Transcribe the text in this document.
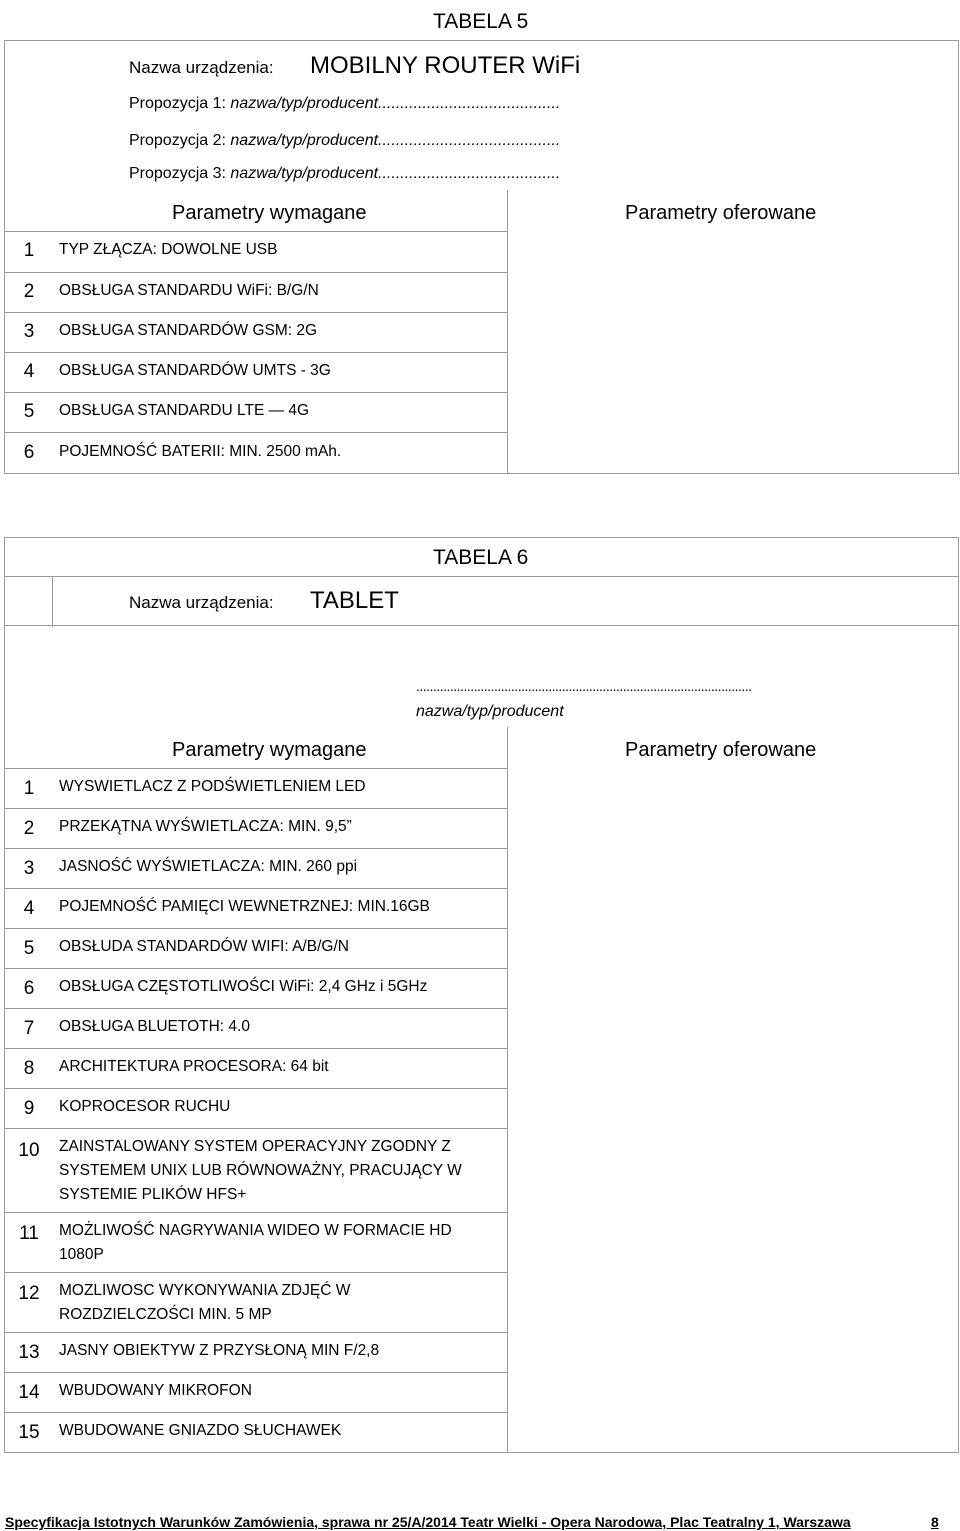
TABELA 5
Nazwa urządzenia: MOBILNY ROUTER WiFi
Propozycja 1: nazwa/typ/producent.........................................
Propozycja 2: nazwa/typ/producent.........................................
Propozycja 3: nazwa/typ/producent.........................................
Parametry wymagane	Parametry oferowane
1	TYP ZŁĄCZA: DOWOLNE USB
2	OBSŁUGA STANDARDU WiFi: B/G/N
3	OBSŁUGA STANDARDÓW GSM: 2G
4	OBSŁUGA STANDARDÓW UMTS - 3G
5	OBSŁUGA STANDARDU LTE — 4G
6	POJEMNOŚĆ BATERII: MIN. 2500 mAh.
TABELA 6
Nazwa urządzenia: TABLET
...................................................................................................
nazwa/typ/producent
Parametry wymagane	Parametry oferowane
1	WYSWIETLACZ Z PODŚWIETLENIEM LED
2	PRZEKĄTNA WYŚWIETLACZA: MIN. 9,5”
3	JASNOŚĆ WYŚWIETLACZA: MIN. 260 ppi
4	POJEMNOŚĆ PAMIĘCI WEWNETRZNEJ: MIN.16GB
5	OBSŁUDA STANDARDÓW WIFI: A/B/G/N
6	OBSŁUGA CZĘSTOTLIWOŚCI WiFi: 2,4 GHz i 5GHz
7	OBSŁUGA BLUETOTH: 4.0
8	ARCHITEKTURA PROCESORA: 64 bit
9	KOPROCESOR RUCHU
10	ZAINSTALOWANY SYSTEM OPERACYJNY ZGODNY Z SYSTEMEM UNIX LUB RÓWNOWAŻNY, PRACUJĄCY W SYSTEMIE PLIKÓW HFS+
11	MOŻLIWOŚĆ NAGRYWANIA WIDEO W FORMACIE HD 1080P
12	MOZLIWOSC WYKONYWANIA ZDJĘĆ W ROZDZIELCZOŚCI MIN. 5 MP
13	JASNY OBIEKTYW Z PRZYSŁONĄ MIN F/2,8
14	WBUDOWANY MIKROFON
15	WBUDOWANE GNIAZDO SŁUCHAWEK
Specyfikacja Istotnych Warunków Zamówienia, sprawa nr 25/A/2014 Teatr Wielki - Opera Narodowa, Plac Teatralny 1, Warszawa	8
